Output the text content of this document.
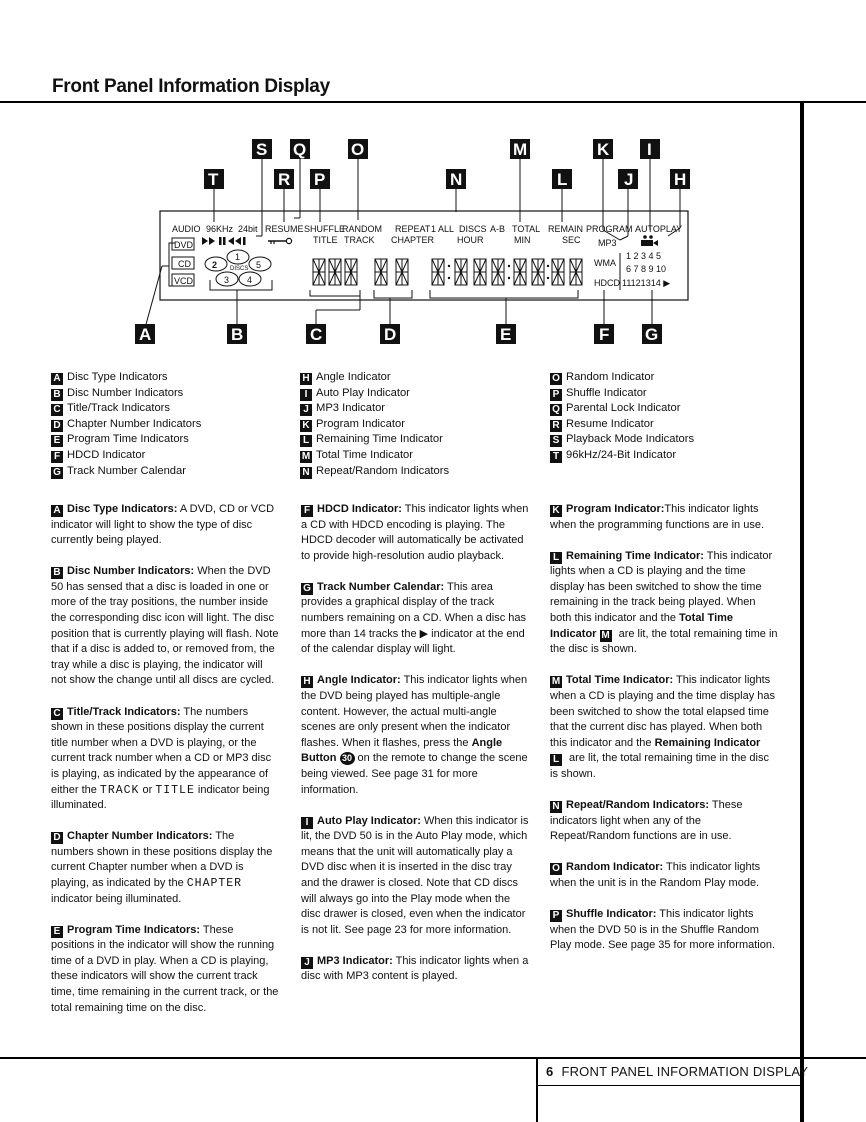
Front Panel Information Display
AUDIO 96KHz 24bit RESUME SHUFFLE
RANDOM
TITLE TRACK
REPEAT 1 ALL DISCS A-B
CHAPTER	HOUR
TOTAL
MIN
REMAIN
SEC
PROGRAM AUTOPLAY
MP3
WMA
HDCD
DVD
CD
VCD
2
1
5
3 4
DISCS
1 2 3 4 5
6 7 8 9 10
11121314 ▶
S Q	O	M	K I
T	R P	N	L	J H
A	B	C	D	E	F G
A Disc Type Indicators
B Disc Number Indicators
C Title/Track Indicators
D Chapter Number Indicators
E Program Time Indicators
F HDCD Indicator
G Track Number Calendar
H Angle Indicator
I Auto Play Indicator
J MP3 Indicator
K Program Indicator
L Remaining Time Indicator
M Total Time Indicator
N Repeat/Random Indicators
O Random Indicator
P Shuffle Indicator
Q Parental Lock Indicator
R Resume Indicator
S Playback Mode Indicators
T 96kHz/24-Bit Indicator

A Disc Type Indicators: A DVD, CD or VCD indicator will light to show the type of disc currently being played.

B Disc Number Indicators: When the DVD 50 has sensed that a disc is loaded in one or more of the tray positions, the number inside the corresponding disc icon will light. The disc position that is currently playing will flash. Note that if a disc is added to, or removed from, the tray while a disc is playing, the indicator will not show the change until all discs are cycled.

C Title/Track Indicators: The numbers shown in these positions display the current title number when a DVD is playing, or the current track number when a CD or MP3 disc is playing, as indicated by the appearance of either the TRACK or TITLE indicator being illuminated.

D Chapter Number Indicators: The numbers shown in these positions display the current Chapter number when a DVD is playing, as indicated by the CHAPTER indicator being illuminated.

E Program Time Indicators: These positions in the indicator will show the running time of a DVD in play. When a CD is playing, these indicators will show the current track time, time remaining in the current track, or the total remaining time on the disc.

F HDCD Indicator: This indicator lights when a CD with HDCD encoding is playing. The HDCD decoder will automatically be activated to provide high-resolution audio playback.

G Track Number Calendar: This area provides a graphical display of the track numbers remaining on a CD. When a disc has more than 14 tracks the ▶ indicator at the end of the calendar display will light.

H Angle Indicator: This indicator lights when the DVD being played has multiple-angle content. However, the actual multi-angle scenes are only present when the indicator flashes. When it flashes, press the Angle Button 30 on the remote to change the scene being viewed. See page 31 for more information.

I Auto Play Indicator: When this indicator is lit, the DVD 50 is in the Auto Play mode, which means that the unit will automatically play a DVD disc when it is inserted in the disc tray and the drawer is closed. Note that CD discs will always go into the Play mode when the disc drawer is closed, even when the indicator is not lit. See page 23 for more information.

J MP3 Indicator: This indicator lights when a disc with MP3 content is played.

K Program Indicator:This indicator lights when the programming functions are in use.

L Remaining Time Indicator: This indicator lights when a CD is playing and the time display has been switched to show the time remaining in the track being played. When both this indicator and the Total Time Indicator M are lit, the total remaining time in the disc is shown.

M Total Time Indicator: This indicator lights when a CD is playing and the time display has been switched to show the total elapsed time that the current disc has played. When both this indicator and the Remaining Indicator L are lit, the total remaining time in the disc is shown.

N Repeat/Random Indicators: These indicators light when any of the Repeat/Random functions are in use.

O Random Indicator: This indicator lights when the unit is in the Random Play mode.

P Shuffle Indicator: This indicator lights when the DVD 50 is in the Shuffle Random Play mode. See page 35 for more information.

6 FRONT PANEL INFORMATION DISPLAY
